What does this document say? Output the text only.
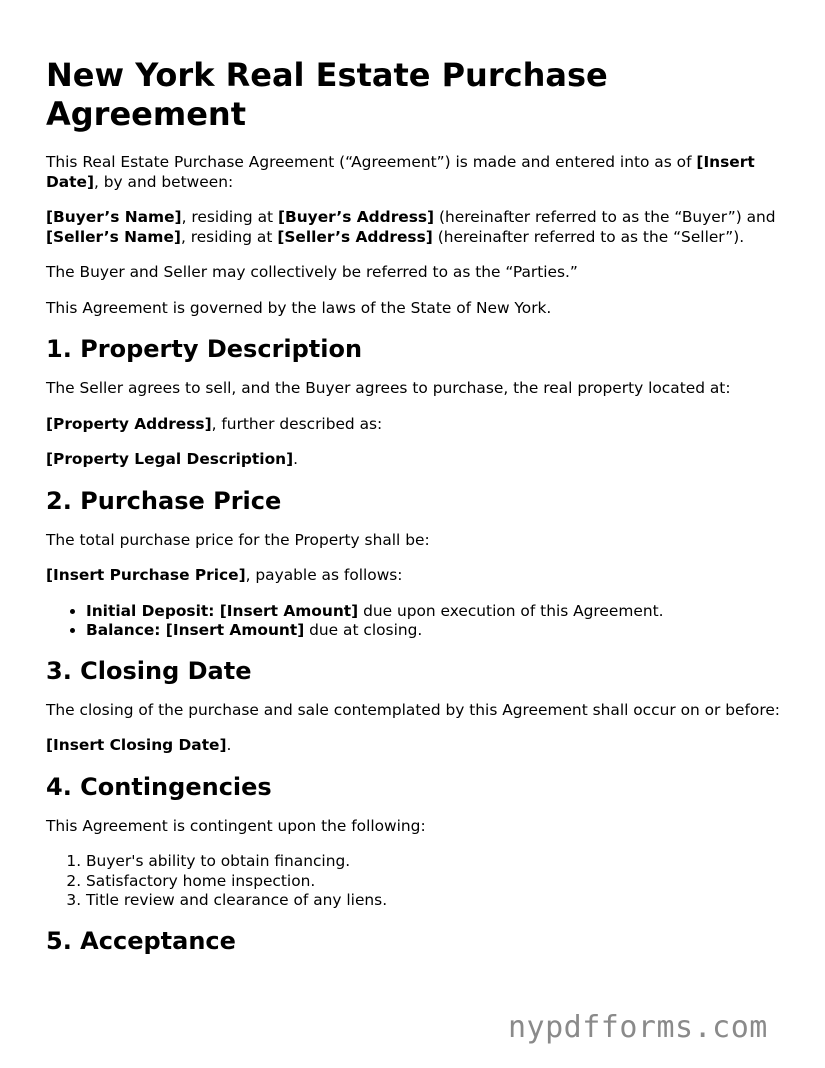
New York Real Estate Purchase Agreement

This Real Estate Purchase Agreement (“Agreement”) is made and entered into as of [Insert Date], by and between:

[Buyer’s Name], residing at [Buyer’s Address] (hereinafter referred to as the “Buyer”) and [Seller’s Name], residing at [Seller’s Address] (hereinafter referred to as the “Seller”).

The Buyer and Seller may collectively be referred to as the “Parties.”

This Agreement is governed by the laws of the State of New York.

1. Property Description

The Seller agrees to sell, and the Buyer agrees to purchase, the real property located at:

[Property Address], further described as:

[Property Legal Description].

2. Purchase Price

The total purchase price for the Property shall be:

[Insert Purchase Price], payable as follows:

• Initial Deposit: [Insert Amount] due upon execution of this Agreement.
• Balance: [Insert Amount] due at closing.
3. Closing Date

The closing of the purchase and sale contemplated by this Agreement shall occur on or before:

[Insert Closing Date].

4. Contingencies

This Agreement is contingent upon the following:

1. Buyer's ability to obtain financing.
2. Satisfactory home inspection.
3. Title review and clearance of any liens.
5. Acceptance
nypdfforms.com
